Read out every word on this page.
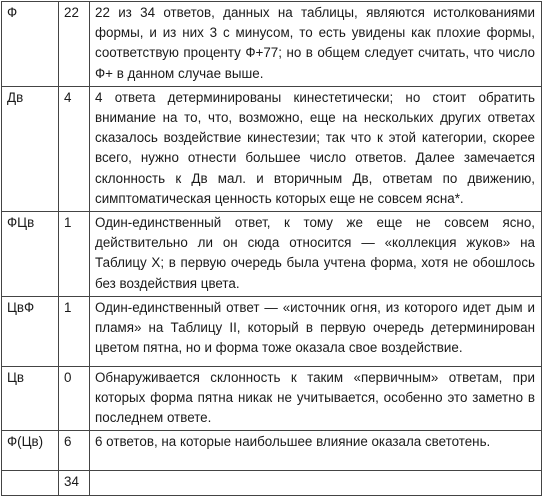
Ф	22	22 из 34 ответов, данных на таблицы, являются истолкованиями формы, и из них 3 с минусом, то есть увидены как плохие формы, соответствую проценту Ф+77; но в общем следует считать, что число Ф+ в данном случае выше.
Дв	4	4 ответа детерминированы кинестетически; но стоит обратить внимание на то, что, возможно, еще на нескольких других ответах сказалось воздействие кинестезии; так что к этой категории, скорее всего, нужно отнести большее число ответов. Далее замечается склонность к Дв мал. и вторичным Дв, ответам по движению, симптоматическая ценность которых еще не совсем ясна*.
ФЦв	1	Один-единственный ответ, к тому же еще не совсем ясно, действительно ли он сюда относится — «коллекция жуков» на Таблицу X; в первую очередь была учтена форма, хотя не обошлось без воздействия цвета.
ЦвФ	1	Один-единственный ответ — «источник огня, из которого идет дым и пламя» на Таблицу II, который в первую очередь детерминирован цветом пятна, но и форма тоже оказала свое воздействие.
Цв	0	Обнаруживается склонность к таким «первичным» ответам, при которых форма пятна никак не учитывается, особенно это заметно в последнем ответе.
Ф(Цв)	6	6 ответов, на которые наибольшее влияние оказала светотень.
	34	
